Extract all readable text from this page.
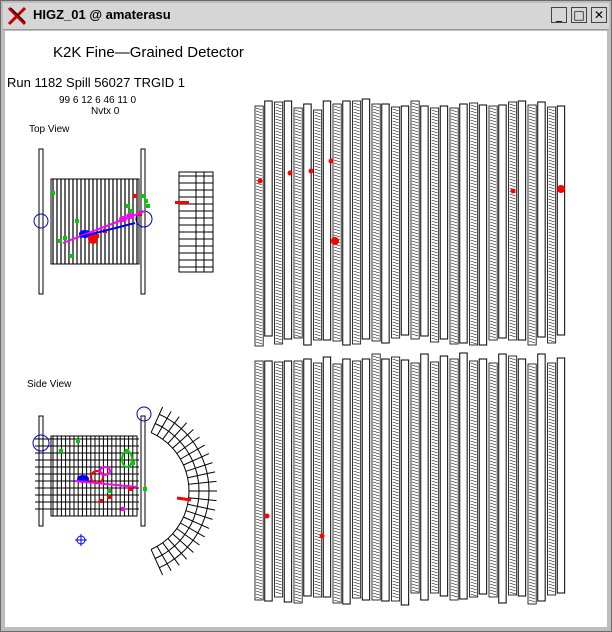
HIGZ_01 @ amaterasu	_ □ ✕
K2K Fine—Grained Detector
Run 1182 Spill 56027 TRGID 1
99 6 12 6 46 11 0
Nvtx 0
Top View
Side View
